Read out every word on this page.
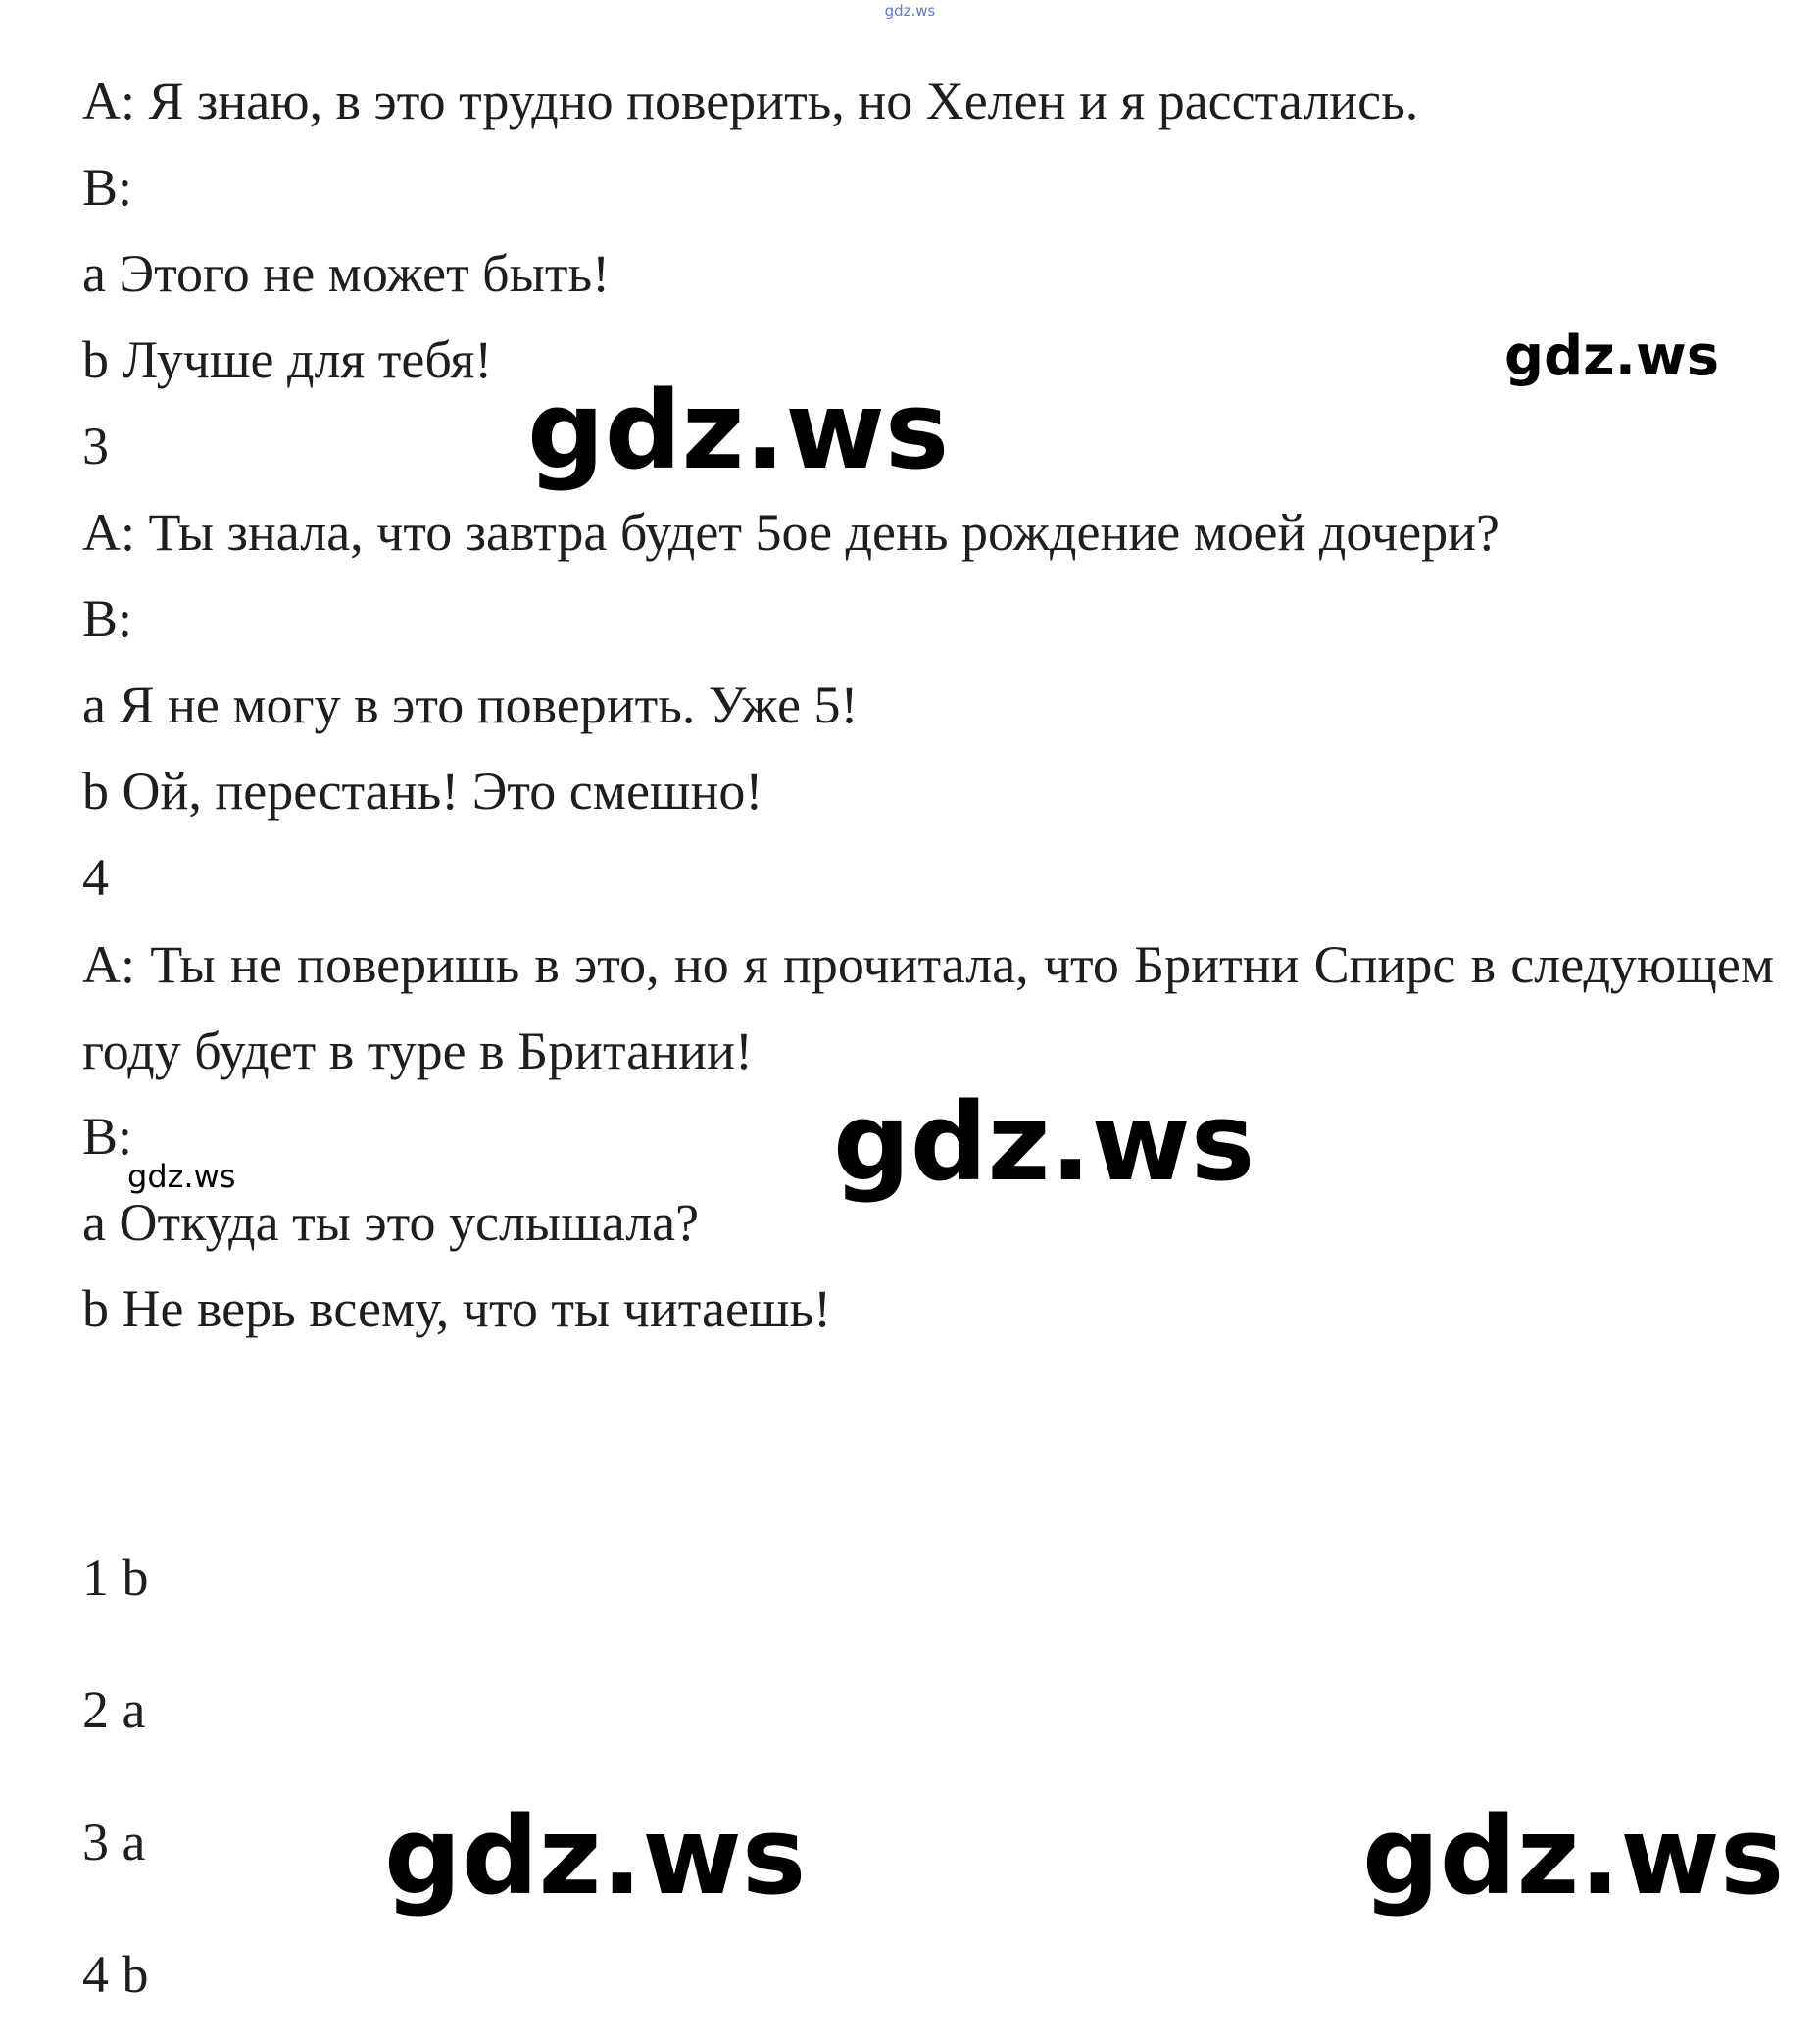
gdz.ws
A: Я знаю, в это трудно поверить, но Хелен и я расстались.
B:
a Этого не может быть!
b Лучше для тебя!
3
A: Ты знала, что завтра будет 5ое день рождение моей дочери?
B:
a Я не могу в это поверить. Уже 5!
b Ой, перестань! Это смешно!
4
A: Ты не поверишь в это, но я прочитала, что Бритни Спирс в следующем году будет в туре в Британии!
B:
a Откуда ты это услышала?
b Не верь всему, что ты читаешь!
1 b
2 a
3 a
4 b
gdz.ws
gdz.ws
gdz.ws
gdz.ws
gdz.ws	gdz.ws
